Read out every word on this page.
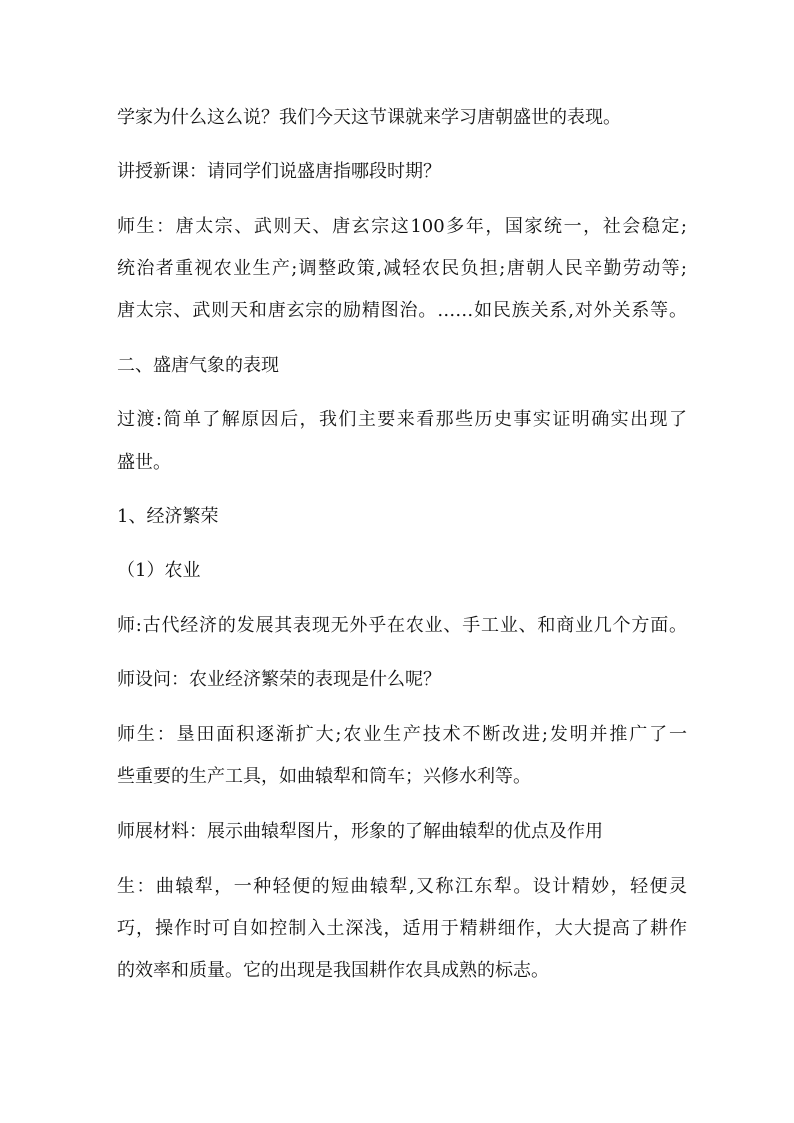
学家为什么这么说？我们今天这节课就来学习唐朝盛世的表现。
讲授新课：请同学们说盛唐指哪段时期？
师生：唐太宗、武则天、唐玄宗这100多年，国家统一，社会稳定;
统治者重视农业生产;调整政策,减轻农民负担;唐朝人民辛勤劳动等;
唐太宗、武则天和唐玄宗的励精图治。……如民族关系,对外关系等。
二、盛唐气象的表现
过渡:简单了解原因后，我们主要来看那些历史事实证明确实出现了
盛世。
1、经济繁荣
（1）农业
师:古代经济的发展其表现无外乎在农业、手工业、和商业几个方面。
师设问：农业经济繁荣的表现是什么呢？
师生：垦田面积逐渐扩大;农业生产技术不断改进;发明并推广了一
些重要的生产工具，如曲辕犁和筒车；兴修水利等。
师展材料：展示曲辕犁图片，形象的了解曲辕犁的优点及作用
生：曲辕犁，一种轻便的短曲辕犁,又称江东犁。设计精妙，轻便灵
巧，操作时可自如控制入土深浅，适用于精耕细作，大大提高了耕作
的效率和质量。它的出现是我国耕作农具成熟的标志。
